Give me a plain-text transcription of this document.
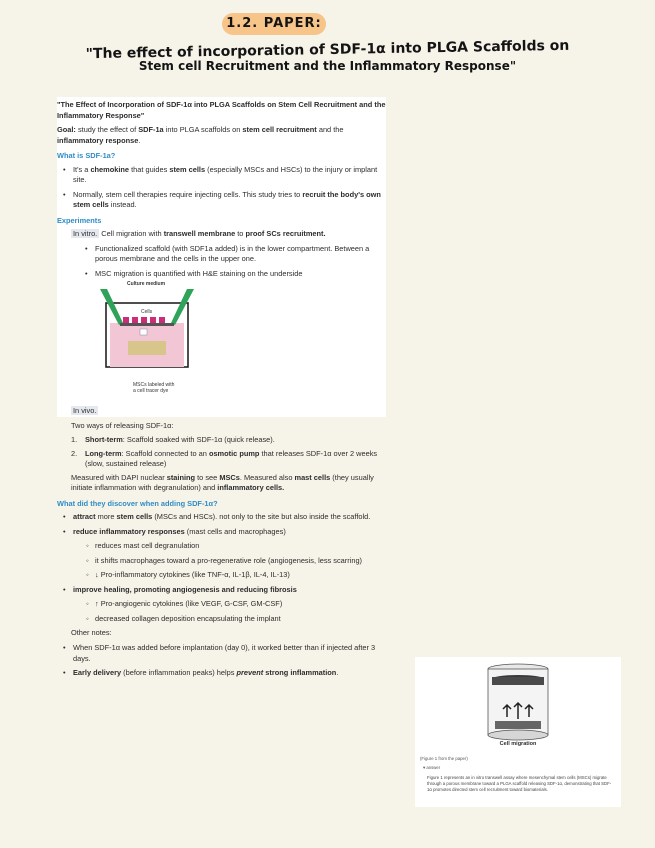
1.2. PAPER:
"The effect of incorporation of SDF-1α into PLGA Scaffolds on
Stem cell Recruitment and the Inflammatory Response"

"The Effect of Incorporation of SDF-1α into PLGA Scaffolds on Stem Cell Recruitment and the Inflammatory Response"

Goal: study the effect of SDF-1a into PLGA scaffolds on stem cell recruitment and the inflammatory response.

What is SDF-1a?
• It's a chemokine that guides stem cells (especially MSCs and HSCs) to the injury or implant site.
• Normally, stem cell therapies require injecting cells. This study tries to recruit the body's own stem cells instead.
Experiments

In vitro. Cell migration with transwell membrane to proof SCs recruitment.

• Functionalized scaffold (with SDF1a added) is in the lower compartment. Between a porous membrane and the cells in the upper one.
• MSC migration is quantified with H&E staining on the underside
Culture medium
Cells
MSCs labeled with
a cell tracer dye

In vivo.

Two ways of releasing SDF-1α:

1. Short-term: Scaffold soaked with SDF-1α (quick release).
2. Long-term: Scaffold connected to an osmotic pump that releases SDF-1α over 2 weeks (slow, sustained release)

Measured with DAPI nuclear staining to see MSCs. Measured also mast cells (they usually initiate inflammation with degranulation) and inflammatory cells.

What did they discover when adding SDF-1α?
• attract more stem cells (MSCs and HSCs). not only to the site but also inside the scaffold.
• reduce inflammatory responses (mast cells and macrophages)
◦ reduces mast cell degranulation
◦ it shifts macrophages toward a pro-regenerative role (angiogenesis, less scarring)
◦ ↓ Pro-inflammatory cytokines (like TNF-α, IL-1β, IL-4, IL-13)
• improve healing, promoting angiogenesis and reducing fibrosis
◦ ↑ Pro-angiogenic cytokines (like VEGF, G-CSF, GM-CSF)
◦ decreased collagen deposition encapsulating the implant

Other notes:

• When SDF-1α was added before implantation (day 0), it worked better than if injected after 3 days.
• Early delivery (before inflammation peaks) helps prevent strong inflammation.
Cell migration
(Figure 1 from the paper)
▾ answer
Figure 1 represents an in vitro transwell assay where mesenchymal stem cells (MSCs) migrate through a porous membrane toward a PLGA scaffold releasing SDF-1α, demonstrating that SDF-1α promotes directed stem cell recruitment toward biomaterials.
